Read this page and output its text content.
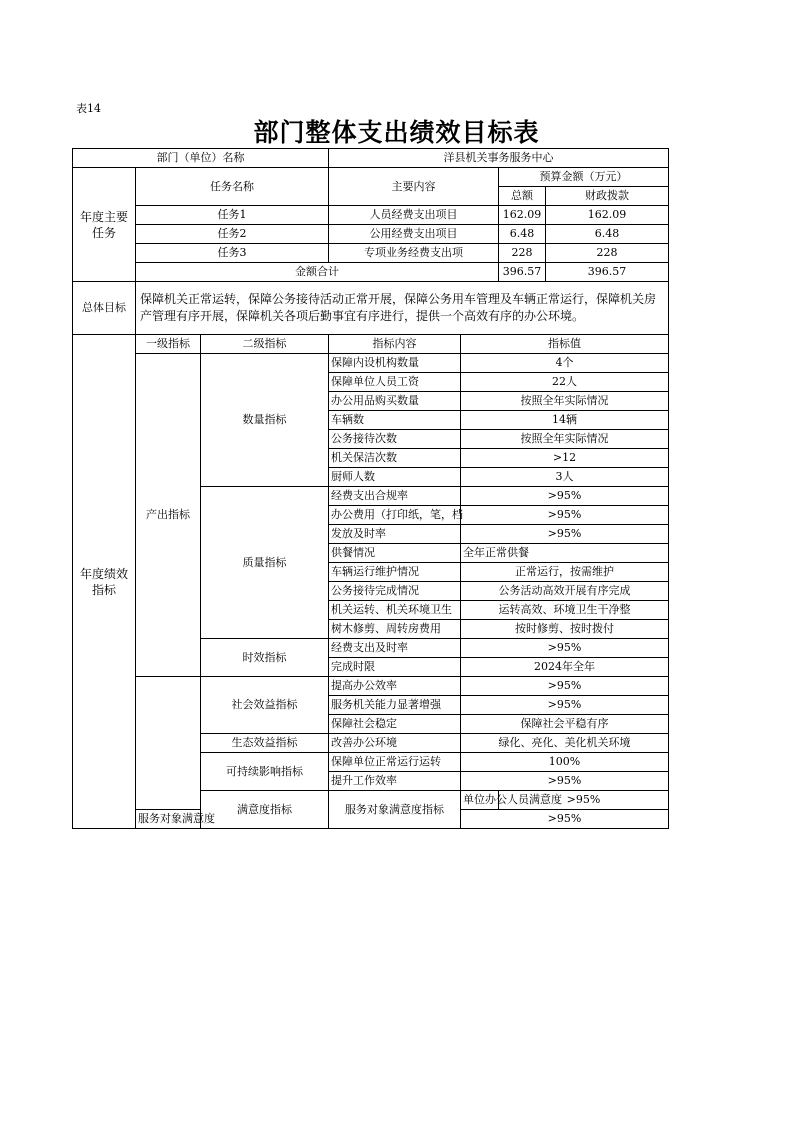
表14
部门整体支出绩效目标表
部门（单位）名称			洋县机关事务服务中心				
年度主要任务	任务名称		主要内容		预算金额（万元）		
					总额	财政拨款	
	任务1		人员经费支出项目		162.09	162.09	
	任务2		公用经费支出项目		6.48	6.48	
	任务3		专项业务经费支出项		228	228	
	金额合计				396.57	396.57	
总体目标	保障机关正常运转，保障公务接待活动正常开展，保障公务用车管理及车辆正常运行，保障机关房产管理有序开展，保障机关各项后勤事宜有序进行，提供一个高效有序的办公环境。						
年度绩效指标	一级指标	二级指标	指标内容	指标值			
	产出指标	数量指标	保障内设机构数量	4个			
			保障单位人员工资	22人			
			办公用品购买数量	按照全年实际情况			
			车辆数	14辆			
			公务接待次数	按照全年实际情况			
			机关保洁次数	>12			
			厨师人数	3人			
		质量指标	经费支出合规率	>95%			
			办公费用（打印纸，笔，档	>95%			
			发放及时率	>95%			
			供餐情况	全年正常供餐			
			车辆运行维护情况	正常运行，按需维护			
			公务接待完成情况	公务活动高效开展有序完成			
			机关运转、机关环境卫生	运转高效、环境卫生干净整			
			树木修剪、周转房费用	按时修剪、按时拨付			
		时效指标	经费支出及时率	>95%			
			完成时限	2024年全年			
		社会效益指标	提高办公效率	>95%			
			服务机关能力显著增强	>95%			
			保障社会稳定	保障社会平稳有序			
		生态效益指标	改善办公环境	绿化、亮化、美化机关环境			
		可持续影响指标	保障单位正常运行运转	100%			
			提升工作效率	>95%			
		满意度指标	服务对象满意度指标	单位办公人员满意度	>95%		
	服务对象满意度			>95%			
